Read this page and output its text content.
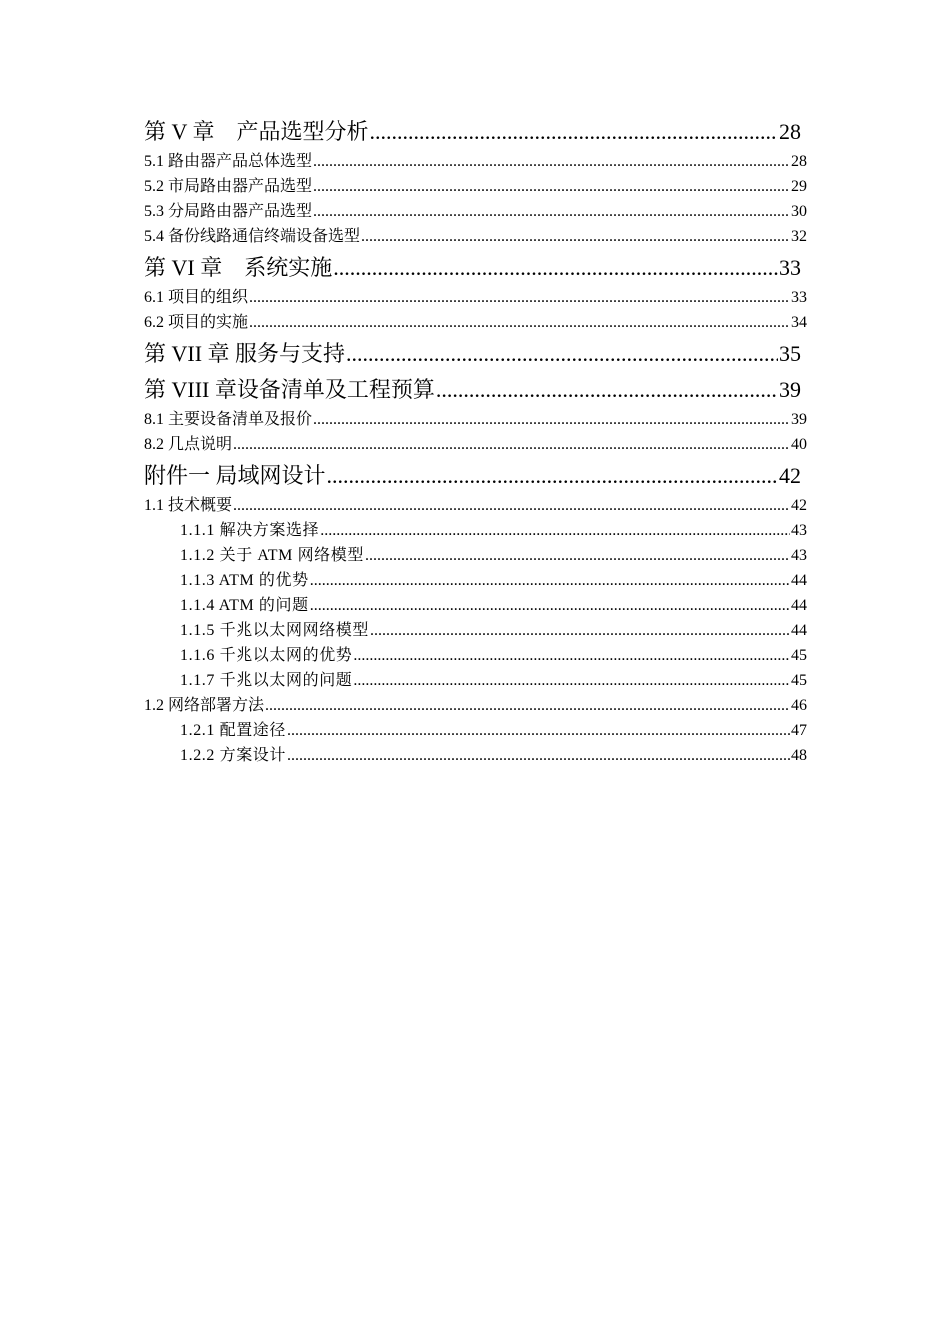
第 V 章　产品选型分析 .....	28
5.1 路由器产品总体选型 .....	28
5.2 市局路由器产品选型 .....	29
5.3 分局路由器产品选型 .....	30
5.4 备份线路通信终端设备选型 .....	32
第 VI 章　系统实施 .....	33
6.1 项目的组织 .....	33
6.2 项目的实施 .....	34
第 VII 章 服务与支持 .....	35
第 VIII 章设备清单及工程预算 .....	39
8.1 主要设备清单及报价 .....	39
8.2 几点说明 .....	40
附件一 局域网设计 .....	42
1.1 技术概要 .....	42
1.1.1 解决方案选择 .....	43
1.1.2 关于 ATM 网络模型 .....	43
1.1.3 ATM 的优势 .....	44
1.1.4 ATM 的问题 .....	44
1.1.5 千兆以太网网络模型 .....	44
1.1.6 千兆以太网的优势 .....	45
1.1.7 千兆以太网的问题 .....	45
1.2 网络部署方法 .....	46
1.2.1 配置途径 .....	47
1.2.2 方案设计 .....	48
